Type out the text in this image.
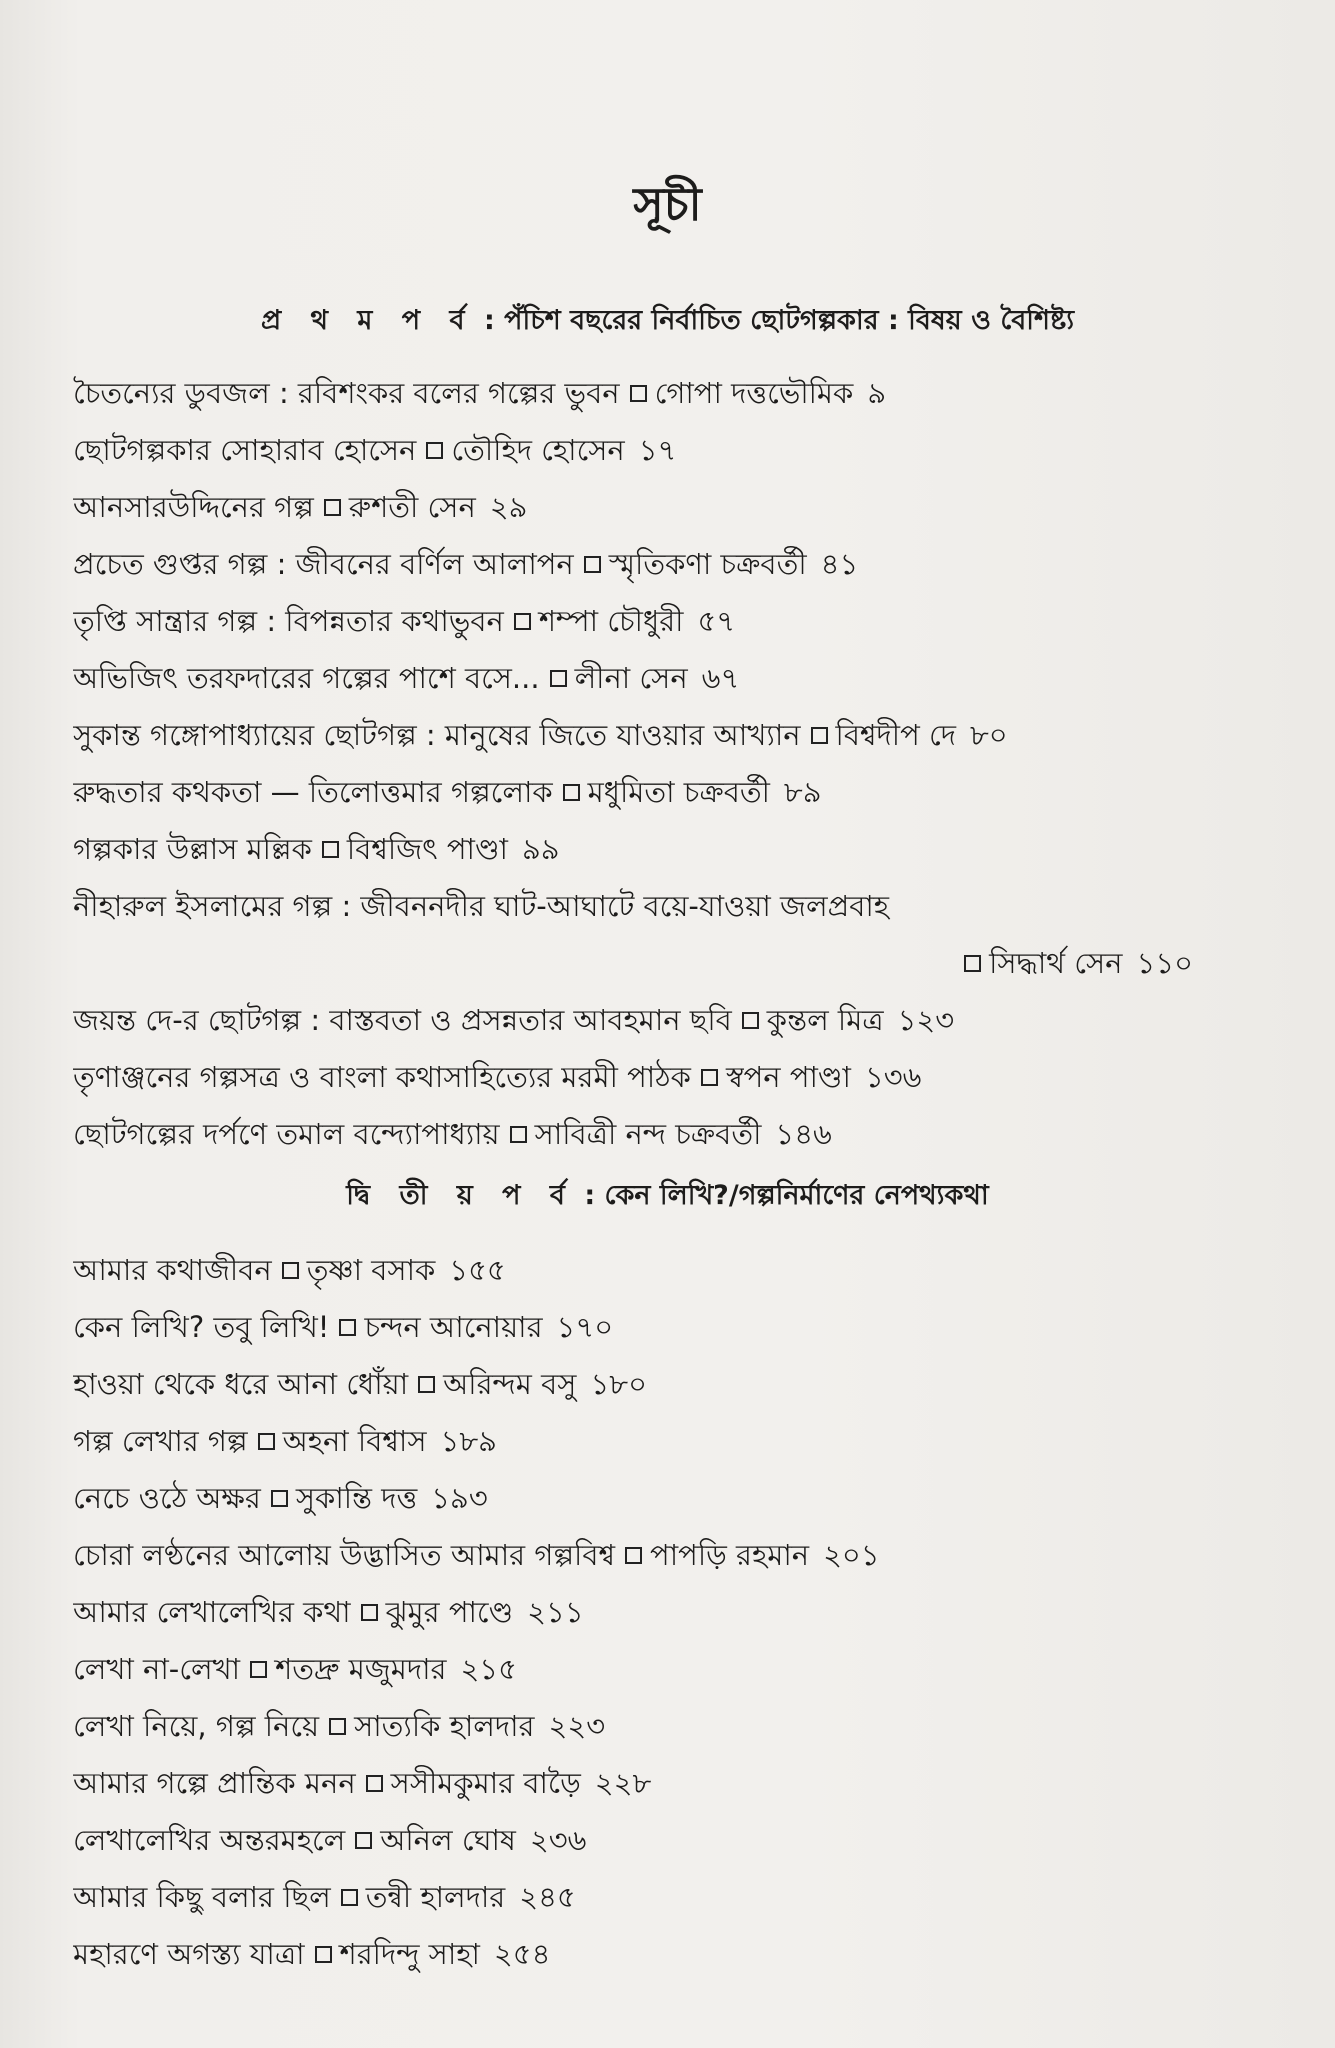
সূচী
প্র থ ম প র্ব : পঁচিশ বছরের নির্বাচিত ছোটগল্পকার : বিষয় ও বৈশিষ্ট্য
চৈতন্যের ডুবজল : রবিশংকর বলের গল্পের ভুবন গোপা দত্তভৌমিক ৯
ছোটগল্পকার সোহারাব হোসেন তৌহিদ হোসেন ১৭
আনসারউদ্দিনের গল্প রুশতী সেন ২৯
প্রচেত গুপ্তর গল্প : জীবনের বর্ণিল আলাপন স্মৃতিকণা চক্রবর্তী ৪১
তৃপ্তি সান্ত্রার গল্প : বিপন্নতার কথাভুবন শম্পা চৌধুরী ৫৭
অভিজিৎ তরফদারের গল্পের পাশে বসে... লীনা সেন ৬৭
সুকান্ত গঙ্গোপাধ্যায়ের ছোটগল্প : মানুষের জিতে যাওয়ার আখ্যান বিশ্বদীপ দে ৮০
রুদ্ধতার কথকতা — তিলোত্তমার গল্পলোক মধুমিতা চক্রবর্তী ৮৯
গল্পকার উল্লাস মল্লিক বিশ্বজিৎ পাণ্ডা ৯৯
নীহারুল ইসলামের গল্প : জীবননদীর ঘাট-আঘাটে বয়ে-যাওয়া জলপ্রবাহ
সিদ্ধার্থ সেন ১১০
জয়ন্ত দে-র ছোটগল্প : বাস্তবতা ও প্রসন্নতার আবহমান ছবি কুন্তল মিত্র ১২৩
তৃণাঞ্জনের গল্পসত্র ও বাংলা কথাসাহিত্যের মরমী পাঠক স্বপন পাণ্ডা ১৩৬
ছোটগল্পের দর্পণে তমাল বন্দ্যোপাধ্যায় সাবিত্রী নন্দ চক্রবর্তী ১৪৬
দ্বি তী য় প র্ব : কেন লিখি?/গল্পনির্মাণের নেপথ্যকথা
আমার কথাজীবন তৃষ্ণা বসাক ১৫৫
কেন লিখি? তবু লিখি! চন্দন আনোয়ার ১৭০
হাওয়া থেকে ধরে আনা ধোঁয়া অরিন্দম বসু ১৮০
গল্প লেখার গল্প অহনা বিশ্বাস ১৮৯
নেচে ওঠে অক্ষর সুকান্তি দত্ত ১৯৩
চোরা লণ্ঠনের আলোয় উদ্ভাসিত আমার গল্পবিশ্ব পাপড়ি রহমান ২০১
আমার লেখালেখির কথা ঝুমুর পাণ্ডে ২১১
লেখা না-লেখা শতদ্রু মজুমদার ২১৫
লেখা নিয়ে, গল্প নিয়ে সাত্যকি হালদার ২২৩
আমার গল্পে প্রান্তিক মনন সসীমকুমার বাড়ৈ ২২৮
লেখালেখির অন্তরমহলে অনিল ঘোষ ২৩৬
আমার কিছু বলার ছিল তন্বী হালদার ২৪৫
মহারণে অগস্ত্য যাত্রা শরদিন্দু সাহা ২৫৪
